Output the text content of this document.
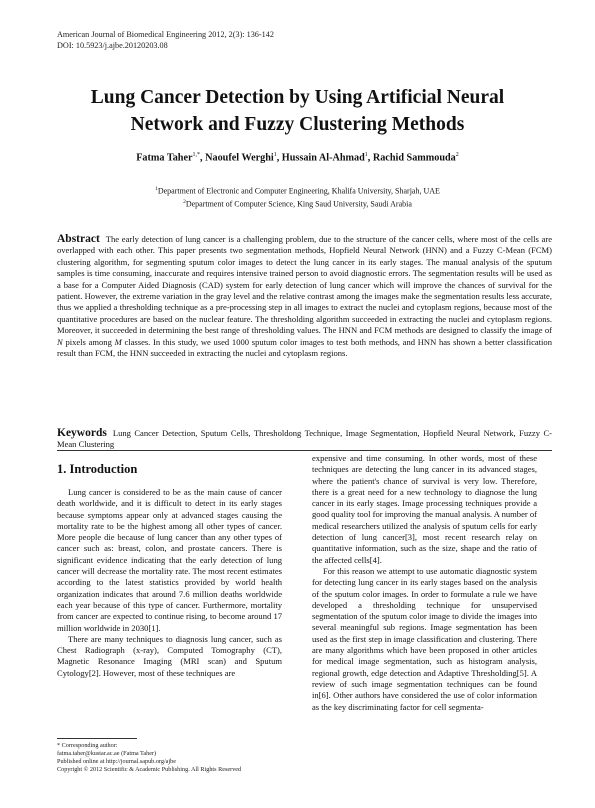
American Journal of Biomedical Engineering 2012, 2(3): 136-142
DOI: 10.5923/j.ajbe.20120203.08
Lung Cancer Detection by Using Artificial Neural
Network and Fuzzy Clustering Methods
Fatma Taher$^{1,*}$, Naoufel Werghi$^1$, Hussain Al-Ahmad$^1$, Rachid Sammouda$^2$
$^1$Department of Electronic and Computer Engineering, Khalifa University, Sharjah, UAE
$^2$Department of Computer Science, King Saud University, Saudi Arabia
Abstract The early detection of lung cancer is a challenging problem, due to the structure of the cancer cells, where most of the cells are overlapped with each other. This paper presents two segmentation methods, Hopfield Neural Network (HNN) and a Fuzzy C-Mean (FCM) clustering algorithm, for segmenting sputum color images to detect the lung cancer in its early stages. The manual analysis of the sputum samples is time consuming, inaccurate and requires intensive trained person to avoid diagnostic errors. The segmentation results will be used as a base for a Computer Aided Diagnosis (CAD) system for early detection of lung cancer which will improve the chances of survival for the patient. However, the extreme variation in the gray level and the relative contrast among the images make the segmentation results less accurate, thus we applied a thresholding technique as a pre-processing step in all images to extract the nuclei and cytoplasm regions, because most of the quantitative procedures are based on the nuclear feature. The thresholding algorithm succeeded in extracting the nuclei and cytoplasm regions. Moreover, it succeeded in determining the best range of thresholding values. The HNN and FCM methods are designed to classify the image of N pixels among M classes. In this study, we used 1000 sputum color images to test both methods, and HNN has shown a better classification result than FCM, the HNN succeeded in extracting the nuclei and cytoplasm regions.
Keywords Lung Cancer Detection, Sputum Cells, Thresholdong Technique, Image Segmentation, Hopfield Neural Network, Fuzzy C-Mean Clustering
1. Introduction

Lung cancer is considered to be as the main cause of cancer death worldwide, and it is difficult to detect in its early stages because symptoms appear only at advanced stages causing the mortality rate to be the highest among all other types of cancer. More people die because of lung cancer than any other types of cancer such as: breast, colon, and prostate cancers. There is significant evidence indicating that the early detection of lung cancer will decrease the mortality rate. The most recent estimates according to the latest statistics provided by world health organization indicates that around 7.6 million deaths worldwide each year because of this type of cancer. Furthermore, mortality from cancer are expected to continue rising, to become around 17 million worldwide in 2030[1].

There are many techniques to diagnosis lung cancer, such as Chest Radiograph (x-ray), Computed Tomography (CT), Magnetic Resonance Imaging (MRI scan) and Sputum Cytology[2]. However, most of these techniques are

expensive and time consuming. In other words, most of these techniques are detecting the lung cancer in its advanced stages, where the patient's chance of survival is very low. Therefore, there is a great need for a new technology to diagnose the lung cancer in its early stages. Image processing techniques provide a good quality tool for improving the manual analysis. A number of medical researchers utilized the analysis of sputum cells for early detection of lung cancer[3], most recent research relay on quantitative information, such as the size, shape and the ratio of the affected cells[4].

For this reason we attempt to use automatic diagnostic system for detecting lung cancer in its early stages based on the analysis of the sputum color images. In order to formulate a rule we have developed a thresholding technique for unsupervised segmentation of the sputum color image to divide the images into several meaningful sub regions. Image segmentation has been used as the first step in image classification and clustering. There are many algorithms which have been proposed in other articles for medical image segmentation, such as histogram analysis, regional growth, edge detection and Adaptive Thresholding[5]. A review of such image segmentation techniques can be found in[6]. Other authors have considered the use of color information as the key discriminating factor for cell segmenta-

* Corresponding author:
fatma.taher@kustar.ac.ae (Fatma Taher)
Published online at http://journal.sapub.org/ajbe
Copyright © 2012 Scientific & Academic Publishing. All Rights Reserved
